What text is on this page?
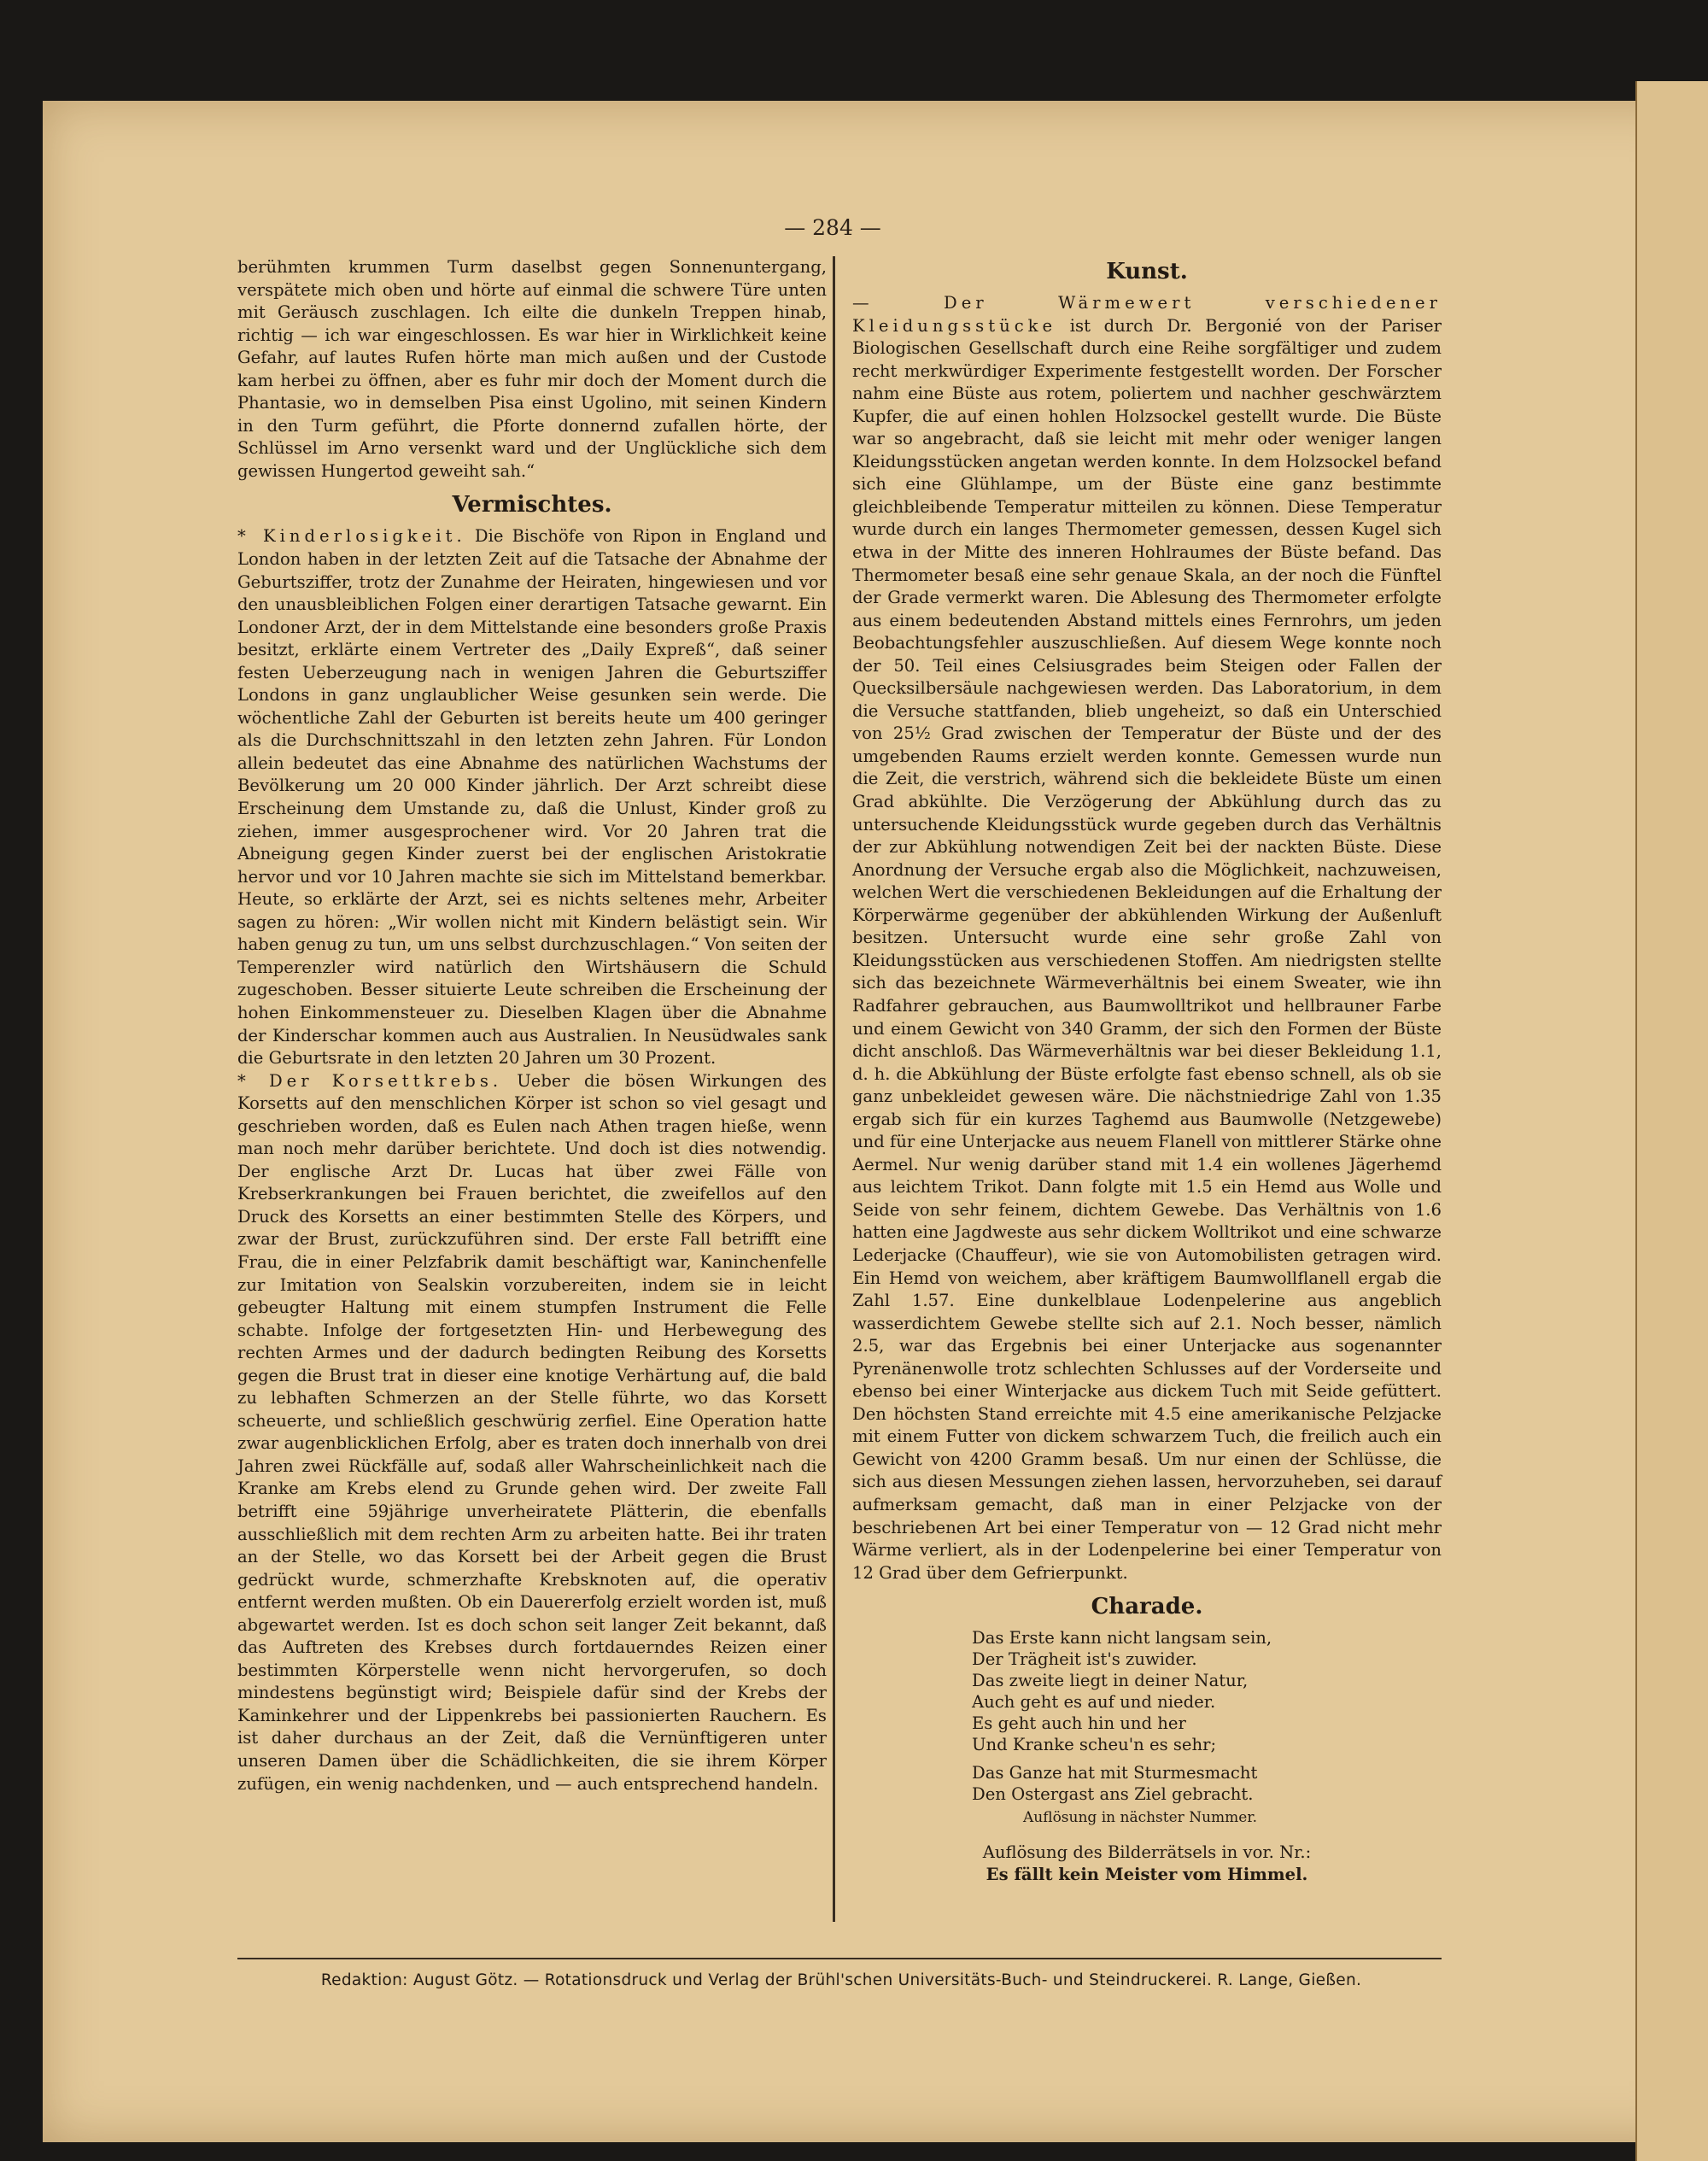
— 284 —

berühmten krummen Turm daselbst gegen Sonnenuntergang, verspätete mich oben und hörte auf einmal die schwere Türe unten mit Geräusch zuschlagen. Ich eilte die dunkeln Treppen hinab, richtig — ich war eingeschlossen. Es war hier in Wirklichkeit keine Gefahr, auf lautes Rufen hörte man mich außen und der Custode kam herbei zu öffnen, aber es fuhr mir doch der Moment durch die Phantasie, wo in demselben Pisa einst Ugolino, mit seinen Kindern in den Turm geführt, die Pforte donnernd zufallen hörte, der Schlüssel im Arno versenkt ward und der Unglückliche sich dem gewissen Hungertod geweiht sah.“

Vermischtes.

* Kinderlosigkeit. Die Bischöfe von Ripon in England und London haben in der letzten Zeit auf die Tatsache der Abnahme der Geburtsziffer, trotz der Zunahme der Heiraten, hingewiesen und vor den unausbleiblichen Folgen einer derartigen Tatsache gewarnt. Ein Londoner Arzt, der in dem Mittelstande eine besonders große Praxis besitzt, erklärte einem Vertreter des „Daily Expreß“, daß seiner festen Ueberzeugung nach in wenigen Jahren die Geburtsziffer Londons in ganz unglaublicher Weise gesunken sein werde. Die wöchentliche Zahl der Geburten ist bereits heute um 400 geringer als die Durchschnittszahl in den letzten zehn Jahren. Für London allein bedeutet das eine Abnahme des natürlichen Wachstums der Bevölkerung um 20 000 Kinder jährlich. Der Arzt schreibt diese Erscheinung dem Umstande zu, daß die Unlust, Kinder groß zu ziehen, immer ausgesprochener wird. Vor 20 Jahren trat die Abneigung gegen Kinder zuerst bei der englischen Aristokratie hervor und vor 10 Jahren machte sie sich im Mittelstand bemerkbar. Heute, so erklärte der Arzt, sei es nichts seltenes mehr, Arbeiter sagen zu hören: „Wir wollen nicht mit Kindern belästigt sein. Wir haben genug zu tun, um uns selbst durchzuschlagen.“ Von seiten der Temperenzler wird natürlich den Wirtshäusern die Schuld zugeschoben. Besser situierte Leute schreiben die Erscheinung der hohen Einkommensteuer zu. Dieselben Klagen über die Abnahme der Kinderschar kommen auch aus Australien. In Neusüdwales sank die Geburtsrate in den letzten 20 Jahren um 30 Prozent.

* Der Korsettkrebs. Ueber die bösen Wirkungen des Korsetts auf den menschlichen Körper ist schon so viel gesagt und geschrieben worden, daß es Eulen nach Athen tragen hieße, wenn man noch mehr darüber berichtete. Und doch ist dies notwendig. Der englische Arzt Dr. Lucas hat über zwei Fälle von Krebserkrankungen bei Frauen berichtet, die zweifellos auf den Druck des Korsetts an einer bestimmten Stelle des Körpers, und zwar der Brust, zurückzuführen sind. Der erste Fall betrifft eine Frau, die in einer Pelzfabrik damit beschäftigt war, Kaninchenfelle zur Imitation von Sealskin vorzubereiten, indem sie in leicht gebeugter Haltung mit einem stumpfen Instrument die Felle schabte. Infolge der fortgesetzten Hin- und Herbewegung des rechten Armes und der dadurch bedingten Reibung des Korsetts gegen die Brust trat in dieser eine knotige Verhärtung auf, die bald zu lebhaften Schmerzen an der Stelle führte, wo das Korsett scheuerte, und schließlich geschwürig zerfiel. Eine Operation hatte zwar augenblicklichen Erfolg, aber es traten doch innerhalb von drei Jahren zwei Rückfälle auf, sodaß aller Wahrscheinlichkeit nach die Kranke am Krebs elend zu Grunde gehen wird. Der zweite Fall betrifft eine 59jährige unverheiratete Plätterin, die ebenfalls ausschließlich mit dem rechten Arm zu arbeiten hatte. Bei ihr traten an der Stelle, wo das Korsett bei der Arbeit gegen die Brust gedrückt wurde, schmerzhafte Krebsknoten auf, die operativ entfernt werden mußten. Ob ein Dauererfolg erzielt worden ist, muß abgewartet werden. Ist es doch schon seit langer Zeit bekannt, daß das Auftreten des Krebses durch fortdauerndes Reizen einer bestimmten Körperstelle wenn nicht hervorgerufen, so doch mindestens begünstigt wird; Beispiele dafür sind der Krebs der Kaminkehrer und der Lippenkrebs bei passionierten Rauchern. Es ist daher durchaus an der Zeit, daß die Vernünftigeren unter unseren Damen über die Schädlichkeiten, die sie ihrem Körper zufügen, ein wenig nachdenken, und — auch entsprechend handeln.

Kunst.

— Der Wärmewert verschiedener Kleidungsstücke ist durch Dr. Bergonié von der Pariser Biologischen Gesellschaft durch eine Reihe sorgfältiger und zudem recht merkwürdiger Experimente festgestellt worden. Der Forscher nahm eine Büste aus rotem, poliertem und nachher geschwärztem Kupfer, die auf einen hohlen Holzsockel gestellt wurde. Die Büste war so angebracht, daß sie leicht mit mehr oder weniger langen Kleidungsstücken angetan werden konnte. In dem Holzsockel befand sich eine Glühlampe, um der Büste eine ganz bestimmte gleichbleibende Temperatur mitteilen zu können. Diese Temperatur wurde durch ein langes Thermometer gemessen, dessen Kugel sich etwa in der Mitte des inneren Hohlraumes der Büste befand. Das Thermometer besaß eine sehr genaue Skala, an der noch die Fünftel der Grade vermerkt waren. Die Ablesung des Thermometer erfolgte aus einem bedeutenden Abstand mittels eines Fernrohrs, um jeden Beobachtungsfehler auszuschließen. Auf diesem Wege konnte noch der 50. Teil eines Celsiusgrades beim Steigen oder Fallen der Quecksilbersäule nachgewiesen werden. Das Laboratorium, in dem die Versuche stattfanden, blieb ungeheizt, so daß ein Unterschied von 25½ Grad zwischen der Temperatur der Büste und der des umgebenden Raums erzielt werden konnte. Gemessen wurde nun die Zeit, die verstrich, während sich die bekleidete Büste um einen Grad abkühlte. Die Verzögerung der Abkühlung durch das zu untersuchende Kleidungsstück wurde gegeben durch das Verhältnis der zur Abkühlung notwendigen Zeit bei der nackten Büste. Diese Anordnung der Versuche ergab also die Möglichkeit, nachzuweisen, welchen Wert die verschiedenen Bekleidungen auf die Erhaltung der Körperwärme gegenüber der abkühlenden Wirkung der Außenluft besitzen. Untersucht wurde eine sehr große Zahl von Kleidungsstücken aus verschiedenen Stoffen. Am niedrigsten stellte sich das bezeichnete Wärmeverhältnis bei einem Sweater, wie ihn Radfahrer gebrauchen, aus Baumwolltrikot und hellbrauner Farbe und einem Gewicht von 340 Gramm, der sich den Formen der Büste dicht anschloß. Das Wärmeverhältnis war bei dieser Bekleidung 1.1, d. h. die Abkühlung der Büste erfolgte fast ebenso schnell, als ob sie ganz unbekleidet gewesen wäre. Die nächstniedrige Zahl von 1.35 ergab sich für ein kurzes Taghemd aus Baumwolle (Netzgewebe) und für eine Unterjacke aus neuem Flanell von mittlerer Stärke ohne Aermel. Nur wenig darüber stand mit 1.4 ein wollenes Jägerhemd aus leichtem Trikot. Dann folgte mit 1.5 ein Hemd aus Wolle und Seide von sehr feinem, dichtem Gewebe. Das Verhältnis von 1.6 hatten eine Jagdweste aus sehr dickem Wolltrikot und eine schwarze Lederjacke (Chauffeur), wie sie von Automobilisten getragen wird. Ein Hemd von weichem, aber kräftigem Baumwollflanell ergab die Zahl 1.57. Eine dunkelblaue Lodenpelerine aus angeblich wasserdichtem Gewebe stellte sich auf 2.1. Noch besser, nämlich 2.5, war das Ergebnis bei einer Unterjacke aus sogenannter Pyrenänenwolle trotz schlechten Schlusses auf der Vorderseite und ebenso bei einer Winterjacke aus dickem Tuch mit Seide gefüttert. Den höchsten Stand erreichte mit 4.5 eine amerikanische Pelzjacke mit einem Futter von dickem schwarzem Tuch, die freilich auch ein Gewicht von 4200 Gramm besaß. Um nur einen der Schlüsse, die sich aus diesen Messungen ziehen lassen, hervorzuheben, sei darauf aufmerksam gemacht, daß man in einer Pelzjacke von der beschriebenen Art bei einer Temperatur von — 12 Grad nicht mehr Wärme verliert, als in der Lodenpelerine bei einer Temperatur von 12 Grad über dem Gefrierpunkt.

Charade.

Das Erste kann nicht langsam sein,
Der Trägheit ist's zuwider.
Das zweite liegt in deiner Natur,
Auch geht es auf und nieder.
Es geht auch hin und her
Und Kranke scheu'n es sehr;
Das Ganze hat mit Sturmesmacht
Den Ostergast ans Ziel gebracht.
Auflösung in nächster Nummer.

Auflösung des Bilderrätsels in vor. Nr.:
Es fällt kein Meister vom Himmel.

Redaktion: August Götz. — Rotationsdruck und Verlag der Brühl'schen Universitäts-Buch- und Steindruckerei. R. Lange, Gießen.
